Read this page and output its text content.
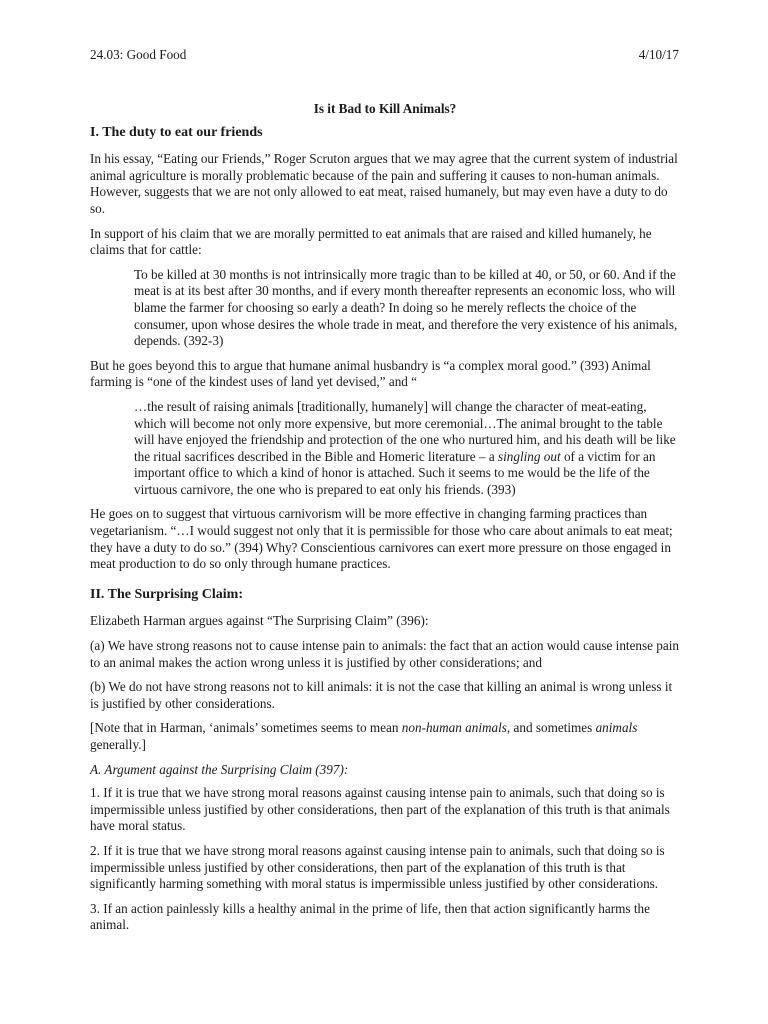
24.03: Good Food	4/10/17
Is it Bad to Kill Animals?
I. The duty to eat our friends

In his essay, “Eating our Friends,” Roger Scruton argues that we may agree that the current system of industrial animal agriculture is morally problematic because of the pain and suffering it causes to non-human animals. However, suggests that we are not only allowed to eat meat, raised humanely, but may even have a duty to do so.

In support of his claim that we are morally permitted to eat animals that are raised and killed humanely, he claims that for cattle:

To be killed at 30 months is not intrinsically more tragic than to be killed at 40, or 50, or 60. And if the meat is at its best after 30 months, and if every month thereafter represents an economic loss, who will blame the farmer for choosing so early a death? In doing so he merely reflects the choice of the consumer, upon whose desires the whole trade in meat, and therefore the very existence of his animals, depends. (392-3)

But he goes beyond this to argue that humane animal husbandry is “a complex moral good.” (393) Animal farming is “one of the kindest uses of land yet devised,” and “

…the result of raising animals [traditionally, humanely] will change the character of meat-eating, which will become not only more expensive, but more ceremonial…The animal brought to the table will have enjoyed the friendship and protection of the one who nurtured him, and his death will be like the ritual sacrifices described in the Bible and Homeric literature – a singling out of a victim for an important office to which a kind of honor is attached. Such it seems to me would be the life of the virtuous carnivore, the one who is prepared to eat only his friends. (393)

He goes on to suggest that virtuous carnivorism will be more effective in changing farming practices than vegetarianism. “…I would suggest not only that it is permissible for those who care about animals to eat meat; they have a duty to do so.” (394) Why? Conscientious carnivores can exert more pressure on those engaged in meat production to do so only through humane practices.

II. The Surprising Claim:

Elizabeth Harman argues against “The Surprising Claim” (396):

(a) We have strong reasons not to cause intense pain to animals: the fact that an action would cause intense pain to an animal makes the action wrong unless it is justified by other considerations; and

(b) We do not have strong reasons not to kill animals: it is not the case that killing an animal is wrong unless it is justified by other considerations.

[Note that in Harman, ‘animals’ sometimes seems to mean non-human animals, and sometimes animals generally.]

A. Argument against the Surprising Claim (397):

1. If it is true that we have strong moral reasons against causing intense pain to animals, such that doing so is impermissible unless justified by other considerations, then part of the explanation of this truth is that animals have moral status.

2. If it is true that we have strong moral reasons against causing intense pain to animals, such that doing so is impermissible unless justified by other considerations, then part of the explanation of this truth is that significantly harming something with moral status is impermissible unless justified by other considerations.

3. If an action painlessly kills a healthy animal in the prime of life, then that action significantly harms the animal.
